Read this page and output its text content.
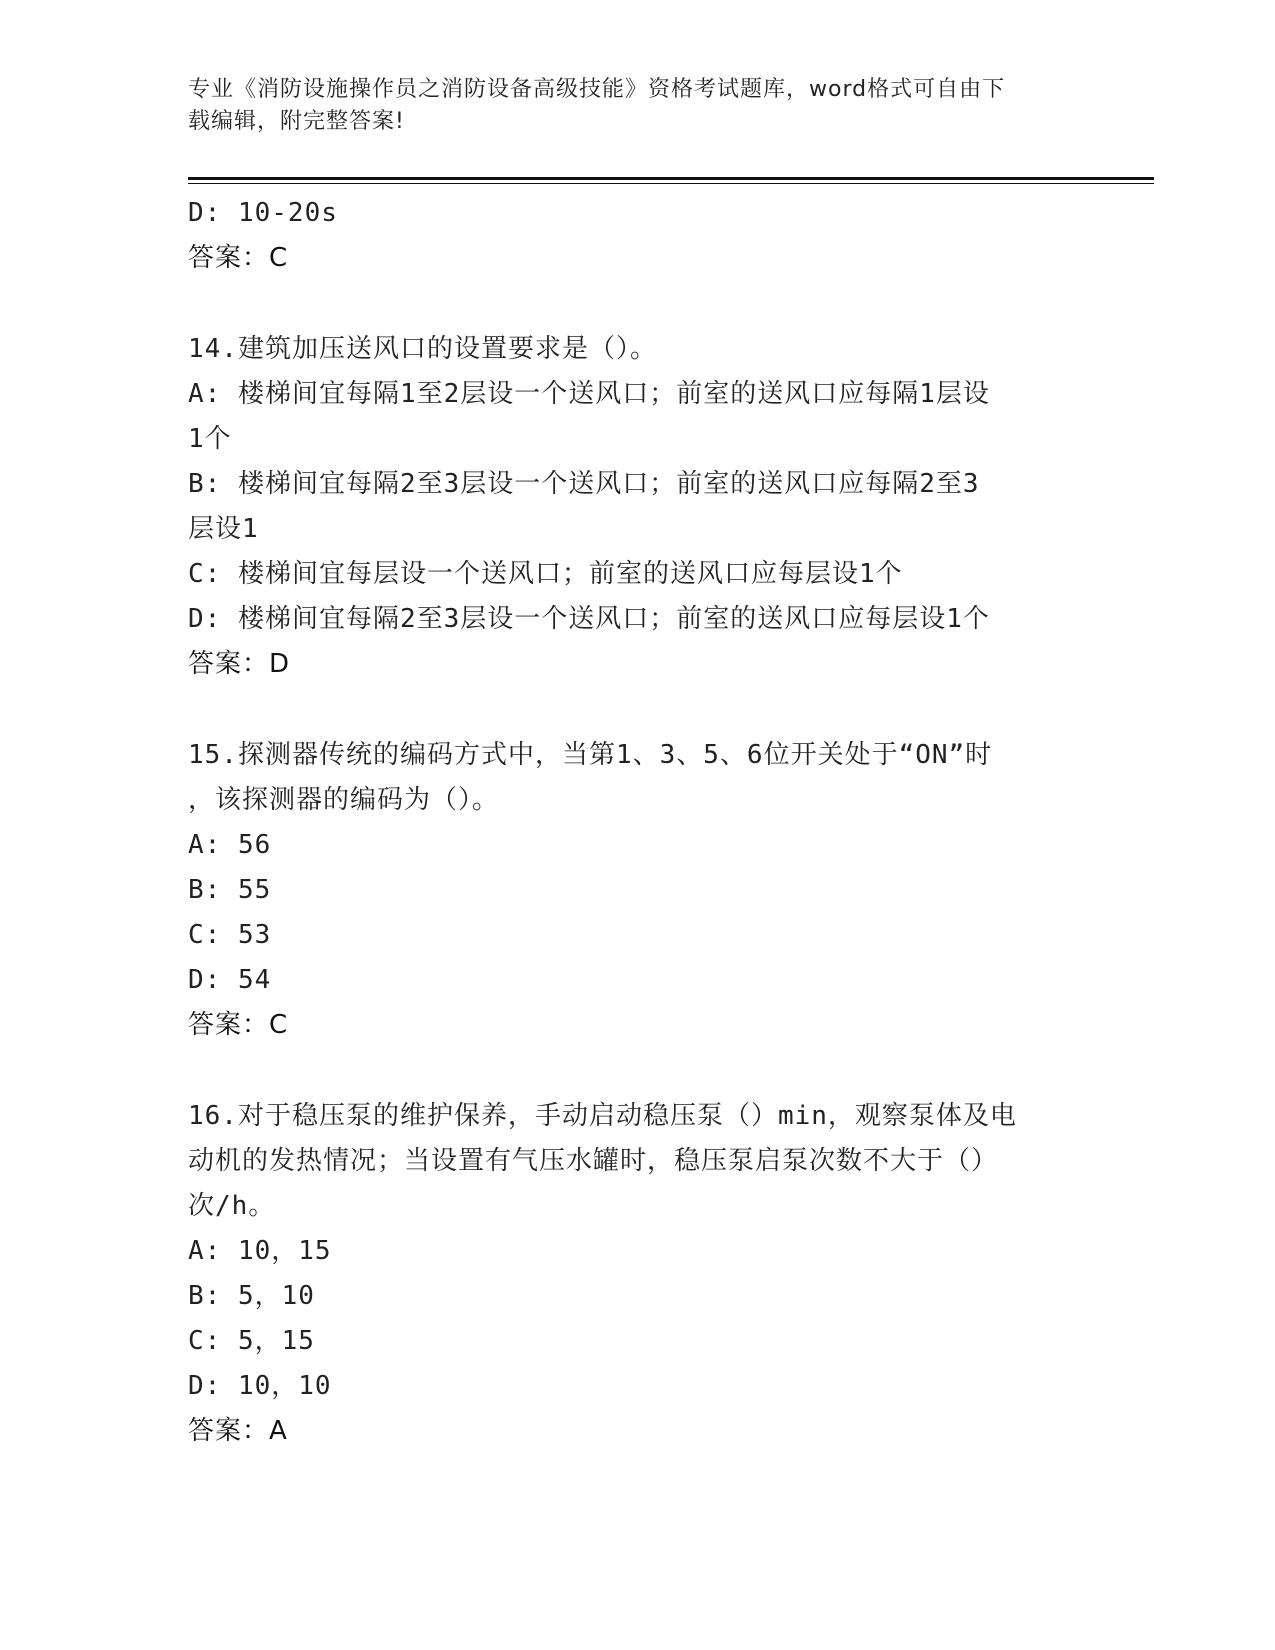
专业《消防设施操作员之消防设备高级技能》资格考试题库，word格式可自由下
载编辑，附完整答案!
D: 10-20s
答案：C
14.建筑加压送风口的设置要求是（）。
A: 楼梯间宜每隔1至2层设一个送风口；前室的送风口应每隔1层设
1个
B: 楼梯间宜每隔2至3层设一个送风口；前室的送风口应每隔2至3
层设1
C: 楼梯间宜每层设一个送风口；前室的送风口应每层设1个
D: 楼梯间宜每隔2至3层设一个送风口；前室的送风口应每层设1个
答案：D
15.探测器传统的编码方式中，当第1、3、5、6位开关处于“ON”时
，该探测器的编码为（）。
A: 56
B: 55
C: 53
D: 54
答案：C
16.对于稳压泵的维护保养，手动启动稳压泵（）min，观察泵体及电
动机的发热情况；当设置有气压水罐时，稳压泵启泵次数不大于（）
次/h。
A: 10，15
B: 5，10
C: 5，15
D: 10，10
答案：A
